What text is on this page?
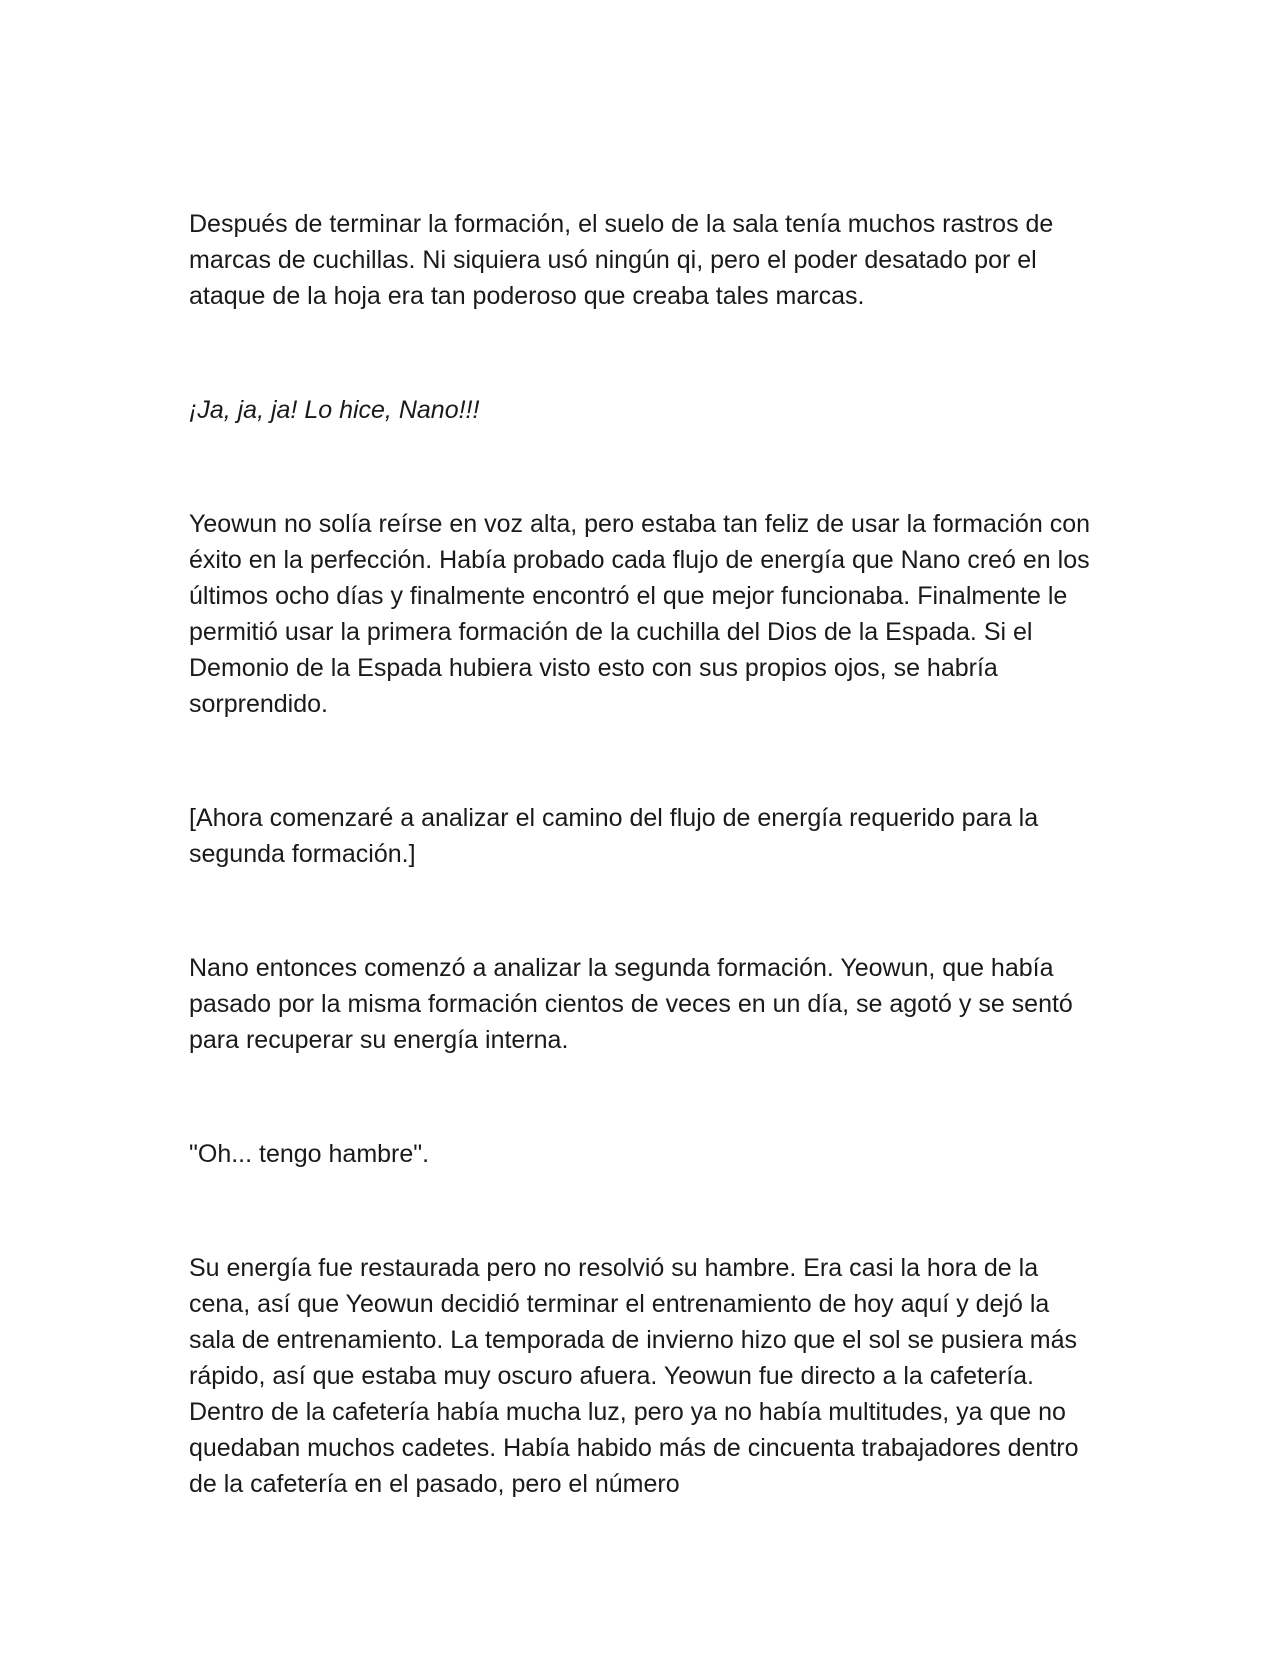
Después de terminar la formación, el suelo de la sala tenía muchos rastros de marcas de cuchillas. Ni siquiera usó ningún qi, pero el poder desatado por el ataque de la hoja era tan poderoso que creaba tales marcas.

¡Ja, ja, ja! Lo hice, Nano!!!

Yeowun no solía reírse en voz alta, pero estaba tan feliz de usar la formación con éxito en la perfección. Había probado cada flujo de energía que Nano creó en los últimos ocho días y finalmente encontró el que mejor funcionaba. Finalmente le permitió usar la primera formación de la cuchilla del Dios de la Espada. Si el Demonio de la Espada hubiera visto esto con sus propios ojos, se habría sorprendido.

[Ahora comenzaré a analizar el camino del flujo de energía requerido para la segunda formación.]

Nano entonces comenzó a analizar la segunda formación. Yeowun, que había pasado por la misma formación cientos de veces en un día, se agotó y se sentó para recuperar su energía interna.

"Oh... tengo hambre".

Su energía fue restaurada pero no resolvió su hambre. Era casi la hora de la cena, así que Yeowun decidió terminar el entrenamiento de hoy aquí y dejó la sala de entrenamiento. La temporada de invierno hizo que el sol se pusiera más rápido, así que estaba muy oscuro afuera. Yeowun fue directo a la cafetería. Dentro de la cafetería había mucha luz, pero ya no había multitudes, ya que no quedaban muchos cadetes. Había habido más de cincuenta trabajadores dentro de la cafetería en el pasado, pero el número
